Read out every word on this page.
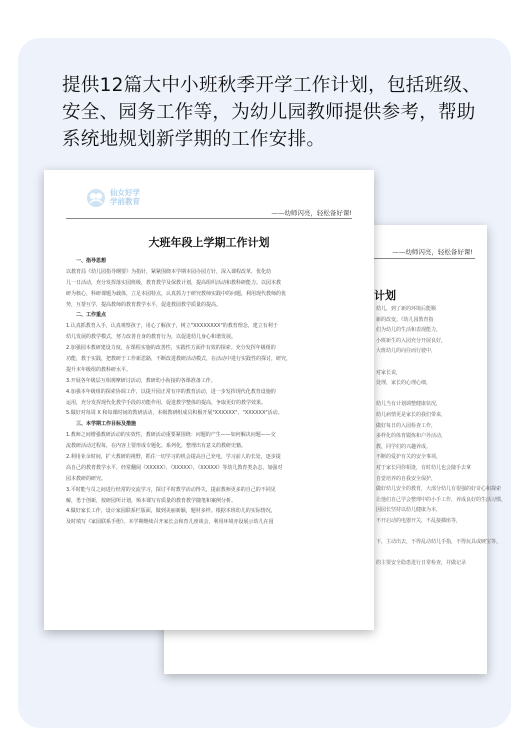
提供12篇大中小班秋季开学工作计划，包括班级、安全、园务工作等，为幼儿园教师提供参考，帮助系统地规划新学期的工作安排。
——幼师闪亮，轻松备好课!
计划
幼儿，到了新的环境后能顺
新的改变。《幼儿园教育指
们为幼儿的生活和表现能力，
小班新生的入园充分开展良好，
大班幼儿的向往而行驶中，
对家长说，
处理，家长的心理心细，
幼儿当有计划调整健康状况，
幼儿病情更是家长的我们带来，
做好每日的入园检查工作，
多样化的体育锻炼和户外活动，
教，同学们的兴趣养成。
不断的爱护有关的安全事项，
对于家长同你相逢，有时幼儿也会随手去拿
自觉培养的自我安全保护，
做好幼儿安全的教育，大部分幼儿有很强的好奇心和探索
让他们自己学会整理中的小手工作，养成良好的生活习惯，
因园长坚持以幼儿健康为本，
不开启动的电器开关，不乱接插座等，
下，主动出去，不得乱动幼儿手指，不得玩具或硬宝等。
的主要安全隐患进行日常检查，并做记录
仙女好学
学前教育
——幼师闪亮，轻松备好课!
大班年段上学期工作计划
一、指导思想
以教育局《幼儿园指导纲要》为指针，紧紧围绕本学期本园办园方针，深入课程改革，优化幼
儿一日活动，充分发挥落实园班级，教育教学及保教计划，提高组织活动和教科研能力。以园本教
研为核心，科研课题为载体，立足本园特点，认真抓力于研究教师实践中的问题，利用现代教师的优
势，互帮互学，提高教师的教育教学水平，促进教园教学质量的提高。
二、工作重点
1.认真抓教育入手，认真观察孩子，用心了解孩子，树立"XXXXXXXX"的教育理念，建立有利于
幼儿发展的教学模式，努力改善自身的教育行为，以促进幼儿身心和谐发展。
2.加强园本教研建设力度，在课程实施的改善性，实践性方面作有效的探索。充分发挥年级组的
功能，教于实践，把教研于工作新思路，不断改进教研活动模式，在活动中进行实践性的探讨，研究，
提升本年级组的教科研水平。
3.开展各年级层互相观摩研讨活动，教研幼小衔接的各课准备工作。
4.加强本年级组的探索协调工作，以提升园正常有序的教育活动，进一步发挥现代化教育设施的
运用，充分发挥现代化教学手段的功能作用，促进教学整体的提高，争取更好的教学效果。
5.做好对每周 X 和每课时间的教研活动，本级教研组成员积极开展"XXXXXX"、"XXXXXX"活动。
三、本学期工作目标及措施
1.教师之间增强教研活动的实效性，教研活动重要紧围绕：问题的产生——如何解决问题——交
流教研活动过程每，在内容上要形成专题化、系列化，整理出有意义的教研史籍。
2.利用业余时间，扩大教研的视野，抓住一切学习的机会提高自己充电，学习前人的长处，逐步提
高自己的教育教学水平，经常翻阅《XXXXX》、《XXXXX》、《XXXXX》等幼儿教育类杂志，加强对
园本教研的研究。
3.平时能与员之间进行经常的交流学习，探讨平时教学活动得失，提前教师更多的自己的不同见
解，勇于创新，按研园所计划，频本课写有质量的教育教学随笔和案例分析。
4.做好家长工作，设计家园联系栏版面，做到美丽新颖，题材多样。根据本班幼儿的实际情况，
及时填写《家园联系手册》。本学期继续召开家长会和育儿座谈会，利用环境亦设展示幼儿在园
